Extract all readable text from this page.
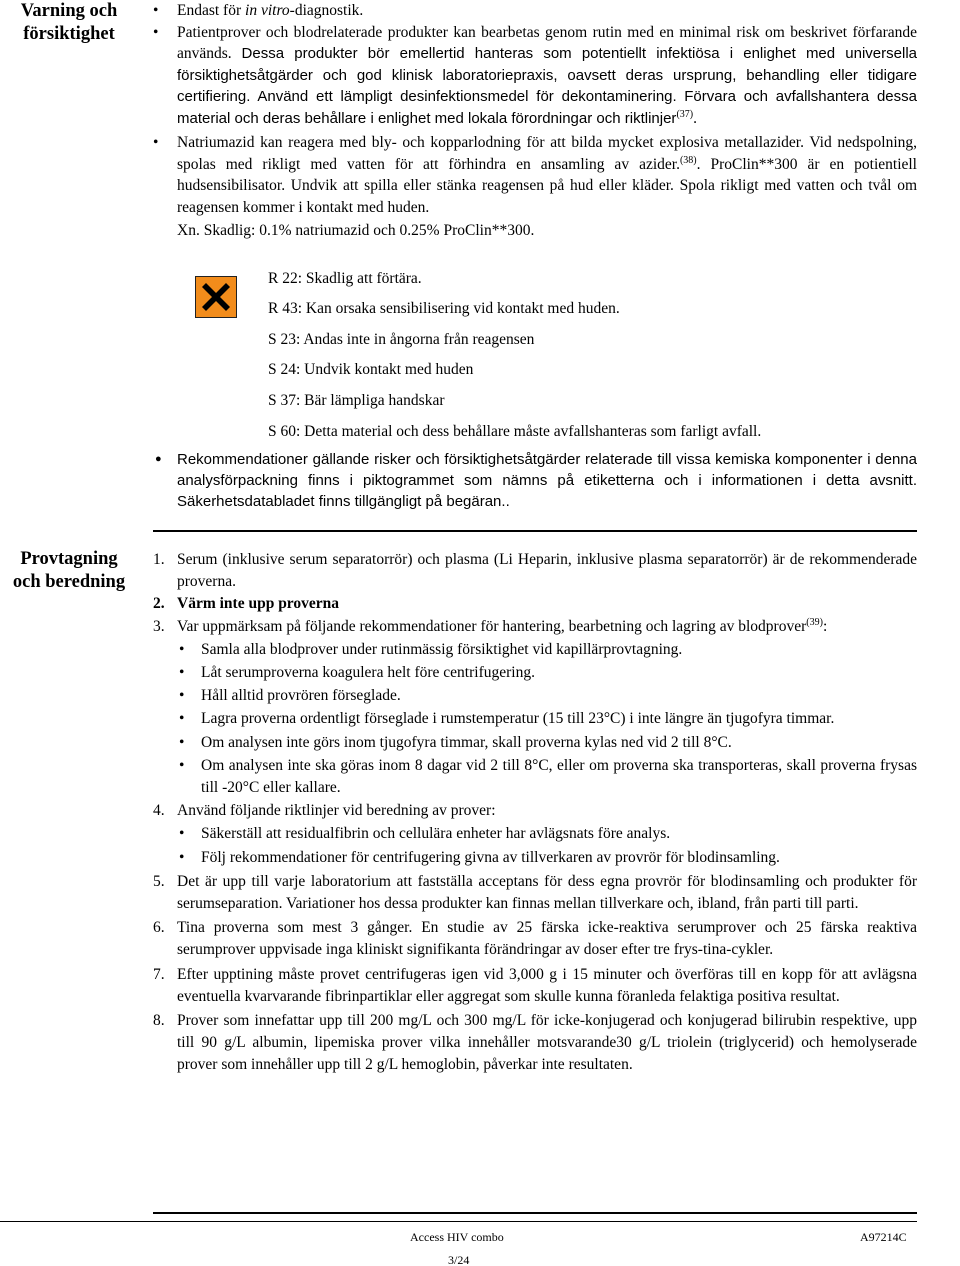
Varning och
försiktighet
Provtagning
och beredning
• Endast för in vitro-diagnostik.
• Patientprover och blodrelaterade produkter kan bearbetas genom rutin med en minimal risk om beskrivet förfarande används. Dessa produkter bör emellertid hanteras som potentiellt infektiösa i enlighet med universella försiktighetsåtgärder och god klinisk laboratoriepraxis, oavsett deras ursprung, behandling eller tidigare certifiering. Använd ett lämpligt desinfektionsmedel för dekontaminering. Förvara och avfallshantera dessa material och deras behållare i enlighet med lokala förordningar och riktlinjer$^{(37)}$.
• Natriumazid kan reagera med bly- och kopparlodning för att bilda mycket explosiva metallazider. Vid nedspolning, spolas med rikligt med vatten för att förhindra en ansamling av azider.$^{(38)}$. ProClin**300 är en potientiell hudsensibilisator. Undvik att spilla eller stänka reagensen på hud eller kläder. Spola rikligt med vatten och tvål om reagensen kommer i kontakt med huden.
Xn. Skadlig: 0.1% natriumazid och 0.25% ProClin**300.
R 22: Skadlig att förtära.
R 43: Kan orsaka sensibilisering vid kontakt med huden.
S 23: Andas inte in ångorna från reagensen
S 24: Undvik kontakt med huden
S 37: Bär lämpliga handskar
S 60: Detta material och dess behållare måste avfallshanteras som farligt avfall.
● Rekommendationer gällande risker och försiktighetsåtgärder relaterade till vissa kemiska komponenter i denna analysförpackning finns i piktogrammet som nämns på etiketterna och i informationen i detta avsnitt. Säkerhetsdatabladet finns tillgängligt på begäran..
1. Serum (inklusive serum separatorrör) och plasma (Li Heparin, inklusive plasma separatorrör) är de rekommenderade proverna.
2. Värm inte upp proverna
3. Var uppmärksam på följande rekommendationer för hantering, bearbetning och lagring av blodprover$^{(39)}$:
• Samla alla blodprover under rutinmässig försiktighet vid kapillärprovtagning.
• Låt serumproverna koagulera helt före centrifugering.
• Håll alltid provrören förseglade.
• Lagra proverna ordentligt förseglade i rumstemperatur (15 till 23°C) i inte längre än tjugofyra timmar.
• Om analysen inte görs inom tjugofyra timmar, skall proverna kylas ned vid 2 till 8°C.
• Om analysen inte ska göras inom 8 dagar vid 2 till 8°C, eller om proverna ska transporteras, skall proverna frysas till -20°C eller kallare.
4. Använd följande riktlinjer vid beredning av prover:
• Säkerställ att residualfibrin och cellulära enheter har avlägsnats före analys.
• Följ rekommendationer för centrifugering givna av tillverkaren av provrör för blodinsamling.
5. Det är upp till varje laboratorium att fastställa acceptans för dess egna provrör för blodinsamling och produkter för serumseparation. Variationer hos dessa produkter kan finnas mellan tillverkare och, ibland, från parti till parti.
6. Tina proverna som mest 3 gånger. En studie av 25 färska icke-reaktiva serumprover och 25 färska reaktiva serumprover uppvisade inga kliniskt signifikanta förändringar av doser efter tre frys-tina-cykler.
7. Efter upptining måste provet centrifugeras igen vid 3,000 g i 15 minuter och överföras till en kopp för att avlägsna eventuella kvarvarande fibrinpartiklar eller aggregat som skulle kunna föranleda felaktiga positiva resultat.
8. Prover som innefattar upp till 200 mg/L och 300 mg/L för icke-konjugerad och konjugerad bilirubin respektive, upp till 90 g/L albumin, lipemiska prover vilka innehåller motsvarande30 g/L triolein (triglycerid) och hemolyserade prover som innehåller upp till 2 g/L hemoglobin, påverkar inte resultaten.
Access HIV combo	A97214C
3/24
